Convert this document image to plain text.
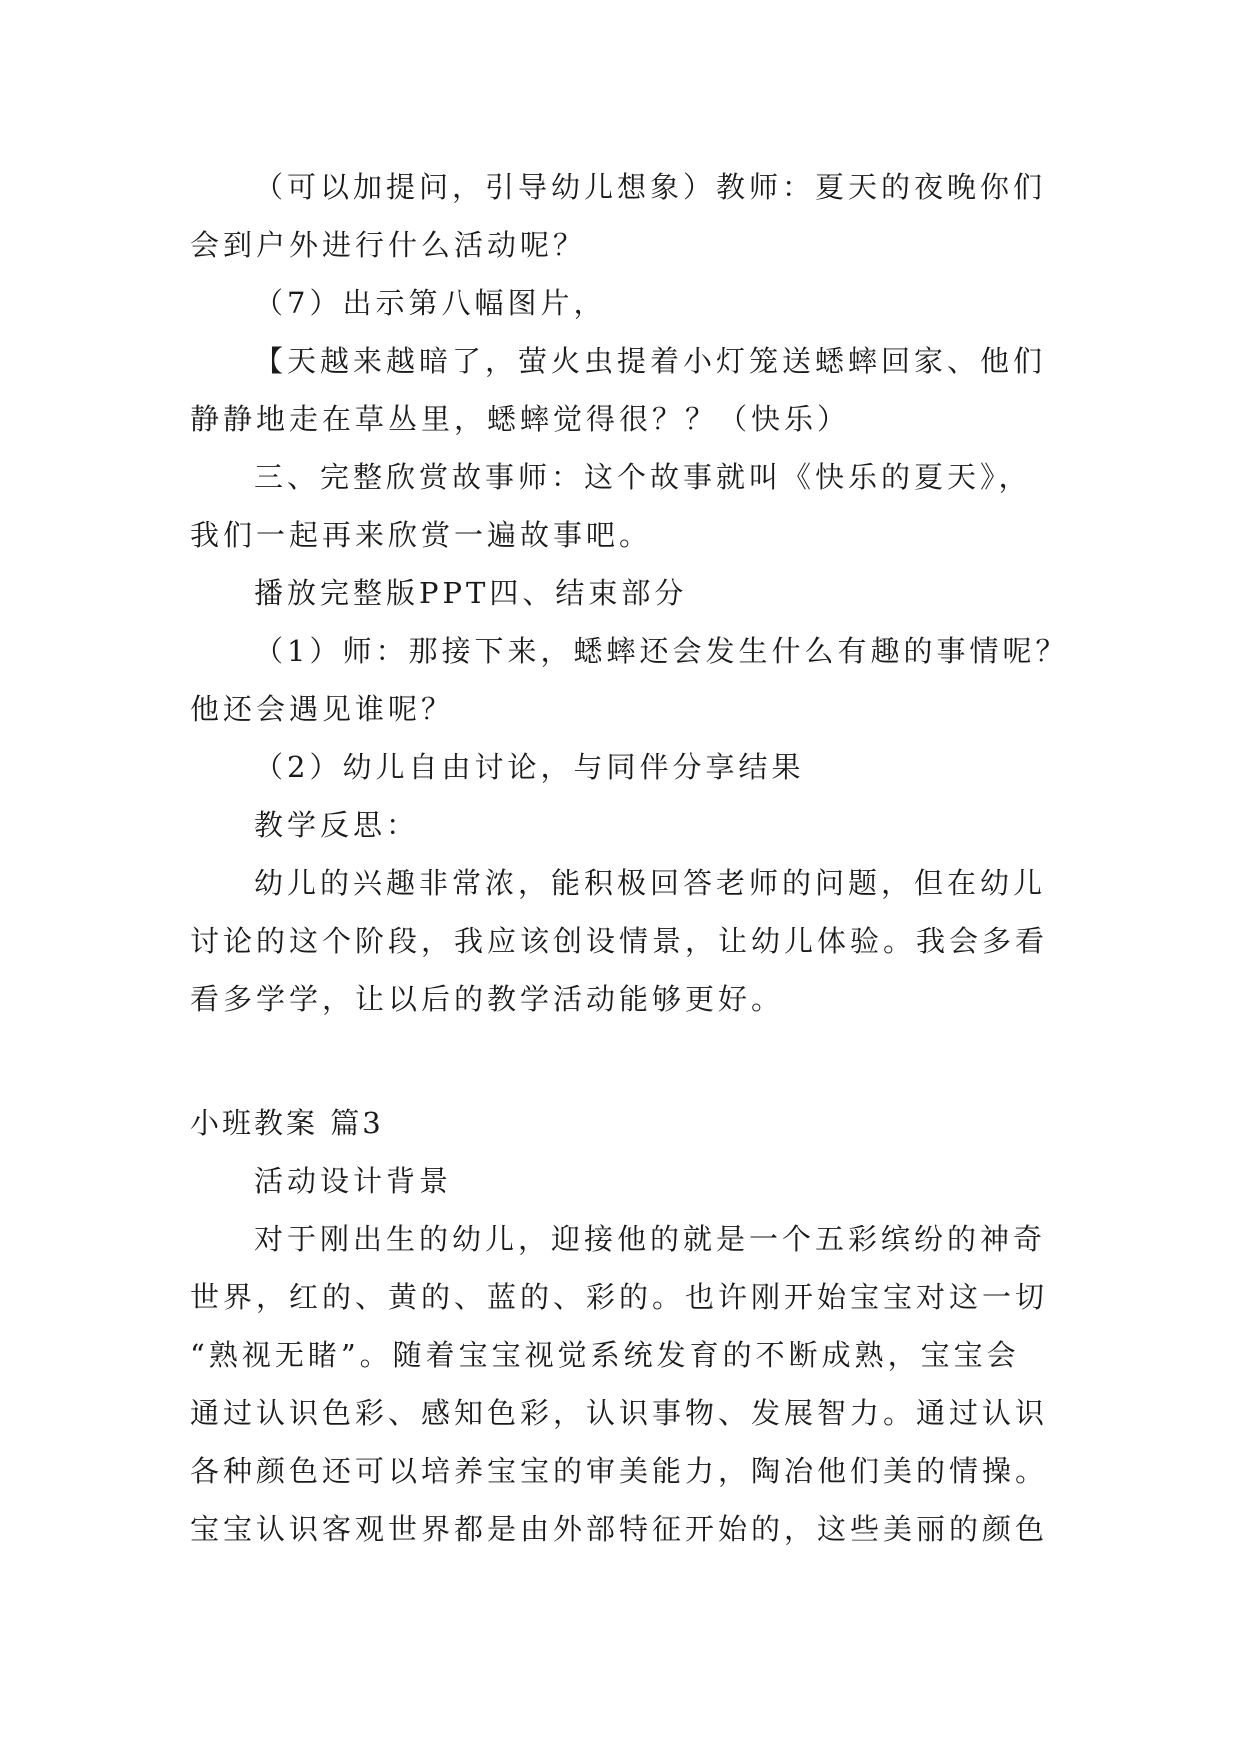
（可以加提问，引导幼儿想象）教师：夏天的夜晚你们
会到户外进行什么活动呢？
（7）出示第八幅图片，
【天越来越暗了，萤火虫提着小灯笼送蟋蟀回家、他们
静静地走在草丛里，蟋蟀觉得很？？（快乐）
三、完整欣赏故事师：这个故事就叫《快乐的夏天》，
我们一起再来欣赏一遍故事吧。
播放完整版PPT四、结束部分
（1）师：那接下来，蟋蟀还会发生什么有趣的事情呢？
他还会遇见谁呢？
（2）幼儿自由讨论，与同伴分享结果
教学反思：
幼儿的兴趣非常浓，能积极回答老师的问题，但在幼儿
讨论的这个阶段，我应该创设情景，让幼儿体验。我会多看
看多学学，让以后的教学活动能够更好。
小班教案 篇3
活动设计背景
对于刚出生的幼儿，迎接他的就是一个五彩缤纷的神奇
世界，红的、黄的、蓝的、彩的。也许刚开始宝宝对这一切
“熟视无睹”。随着宝宝视觉系统发育的不断成熟，宝宝会
通过认识色彩、感知色彩，认识事物、发展智力。通过认识
各种颜色还可以培养宝宝的审美能力，陶冶他们美的情操。
宝宝认识客观世界都是由外部特征开始的，这些美丽的颜色
